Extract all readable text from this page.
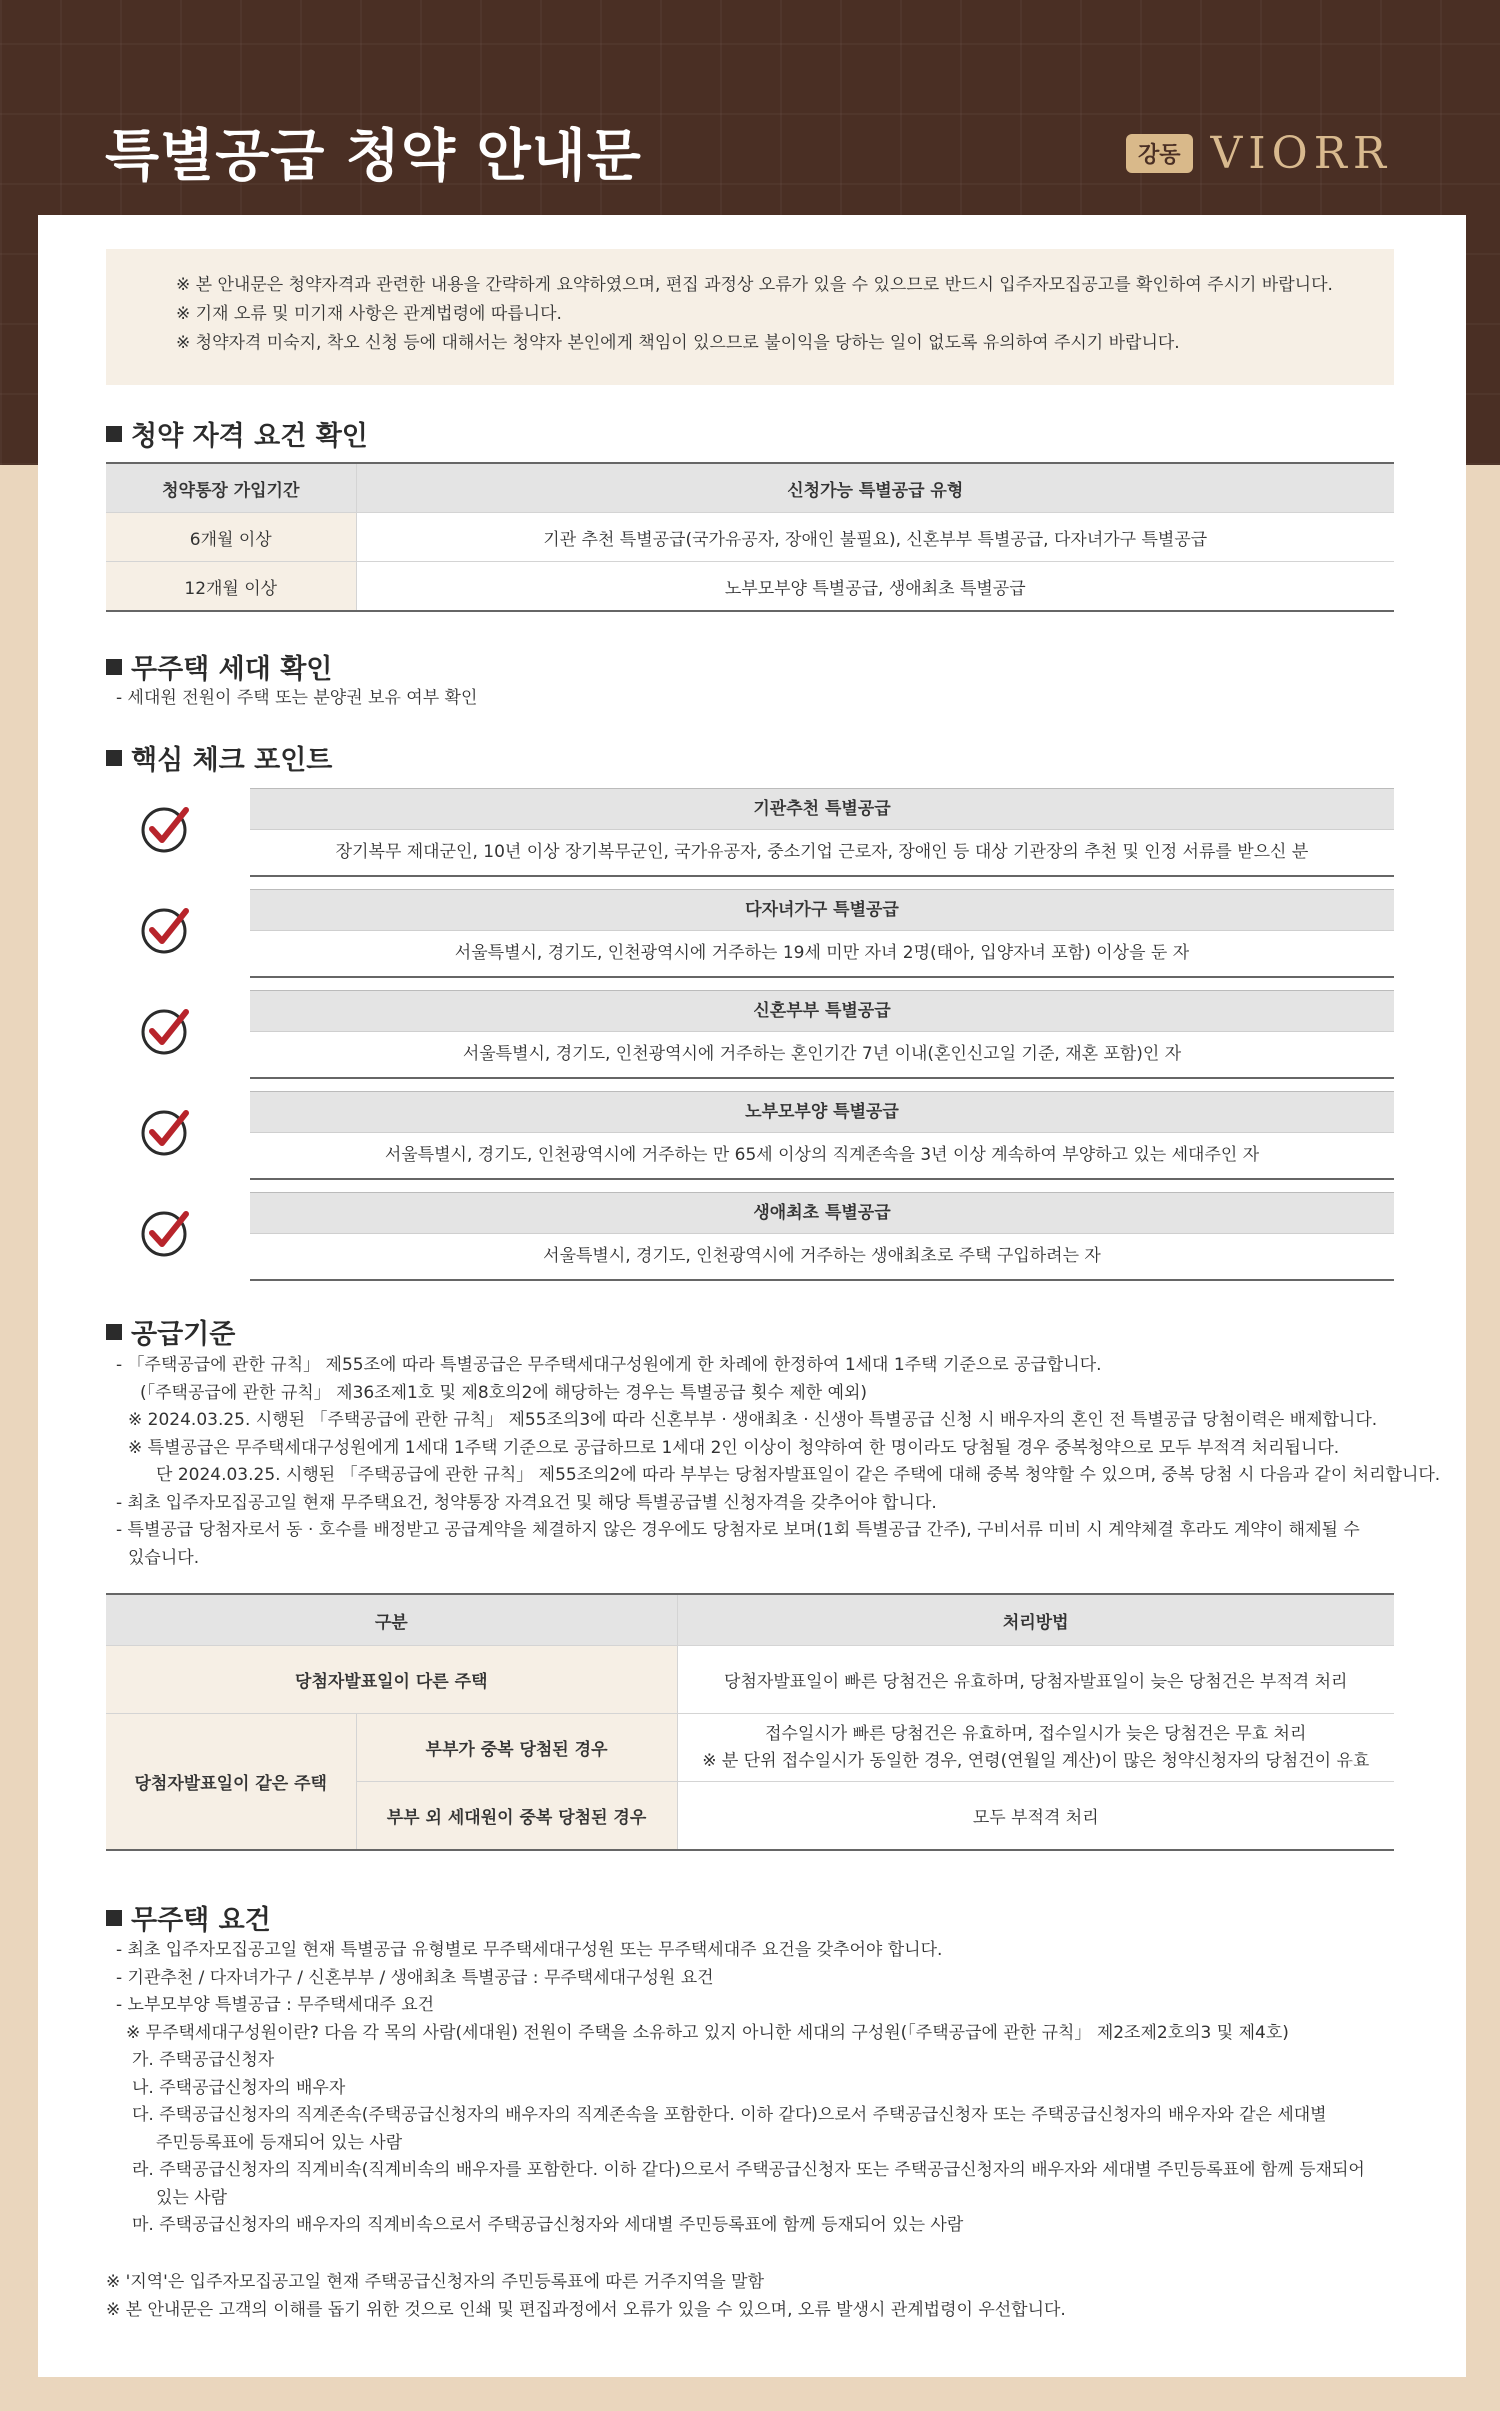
특별공급 청약 안내문	강동 VIORR

※ 본 안내문은 청약자격과 관련한 내용을 간략하게 요약하였으며, 편집 과정상 오류가 있을 수 있으므로 반드시 입주자모집공고를 확인하여 주시기 바랍니다.

※ 기재 오류 및 미기재 사항은 관계법령에 따릅니다.

※ 청약자격 미숙지, 착오 신청 등에 대해서는 청약자 본인에게 책임이 있으므로 불이익을 당하는 일이 없도록 유의하여 주시기 바랍니다.

청약 자격 요건 확인
청약통장 가입기간	신청가능 특별공급 유형
6개월 이상	기관 추천 특별공급(국가유공자, 장애인 불필요), 신혼부부 특별공급, 다자녀가구 특별공급
12개월 이상	노부모부양 특별공급, 생애최초 특별공급
무주택 세대 확인
- 세대원 전원이 주택 또는 분양권 보유 여부 확인
핵심 체크 포인트
기관추천 특별공급
장기복무 제대군인, 10년 이상 장기복무군인, 국가유공자, 중소기업 근로자, 장애인 등 대상 기관장의 추천 및 인정 서류를 받으신 분
다자녀가구 특별공급
서울특별시, 경기도, 인천광역시에 거주하는 19세 미만 자녀 2명(태아, 입양자녀 포함) 이상을 둔 자
신혼부부 특별공급
서울특별시, 경기도, 인천광역시에 거주하는 혼인기간 7년 이내(혼인신고일 기준, 재혼 포함)인 자
노부모부양 특별공급
서울특별시, 경기도, 인천광역시에 거주하는 만 65세 이상의 직계존속을 3년 이상 계속하여 부양하고 있는 세대주인 자
생애최초 특별공급
서울특별시, 경기도, 인천광역시에 거주하는 생애최초로 주택 구입하려는 자
공급기준
- 「주택공급에 관한 규칙」 제55조에 따라 특별공급은 무주택세대구성원에게 한 차례에 한정하여 1세대 1주택 기준으로 공급합니다.
(「주택공급에 관한 규칙」 제36조제1호 및 제8호의2에 해당하는 경우는 특별공급 횟수 제한 예외)
※ 2024.03.25. 시행된 「주택공급에 관한 규칙」 제55조의3에 따라 신혼부부 · 생애최초 · 신생아 특별공급 신청 시 배우자의 혼인 전 특별공급 당첨이력은 배제합니다.
※ 특별공급은 무주택세대구성원에게 1세대 1주택 기준으로 공급하므로 1세대 2인 이상이 청약하여 한 명이라도 당첨될 경우 중복청약으로 모두 부적격 처리됩니다.
단 2024.03.25. 시행된 「주택공급에 관한 규칙」 제55조의2에 따라 부부는 당첨자발표일이 같은 주택에 대해 중복 청약할 수 있으며, 중복 당첨 시 다음과 같이 처리합니다.
- 최초 입주자모집공고일 현재 무주택요건, 청약통장 자격요건 및 해당 특별공급별 신청자격을 갖추어야 합니다.
- 특별공급 당첨자로서 동 · 호수를 배정받고 공급계약을 체결하지 않은 경우에도 당첨자로 보며(1회 특별공급 간주), 구비서류 미비 시 계약체결 후라도 계약이 해제될 수
있습니다.
구분		처리방법
당첨자발표일이 다른 주택		당첨자발표일이 빠른 당첨건은 유효하며, 당첨자발표일이 늦은 당첨건은 부적격 처리
당첨자발표일이 같은 주택	부부가 중복 당첨된 경우	접수일시가 빠른 당첨건은 유효하며, 접수일시가 늦은 당첨건은 무효 처리
※ 분 단위 접수일시가 동일한 경우, 연령(연월일 계산)이 많은 청약신청자의 당첨건이 유효

	부부 외 세대원이 중복 당첨된 경우	모두 부적격 처리
무주택 요건
- 최초 입주자모집공고일 현재 특별공급 유형별로 무주택세대구성원 또는 무주택세대주 요건을 갖추어야 합니다.
- 기관추천 / 다자녀가구 / 신혼부부 / 생애최초 특별공급 : 무주택세대구성원 요건
- 노부모부양 특별공급 : 무주택세대주 요건
※ 무주택세대구성원이란? 다음 각 목의 사람(세대원) 전원이 주택을 소유하고 있지 아니한 세대의 구성원(「주택공급에 관한 규칙」 제2조제2호의3 및 제4호)
가. 주택공급신청자
나. 주택공급신청자의 배우자
다. 주택공급신청자의 직계존속(주택공급신청자의 배우자의 직계존속을 포함한다. 이하 같다)으로서 주택공급신청자 또는 주택공급신청자의 배우자와 같은 세대별
주민등록표에 등재되어 있는 사람
라. 주택공급신청자의 직계비속(직계비속의 배우자를 포함한다. 이하 같다)으로서 주택공급신청자 또는 주택공급신청자의 배우자와 세대별 주민등록표에 함께 등재되어
있는 사람
마. 주택공급신청자의 배우자의 직계비속으로서 주택공급신청자와 세대별 주민등록표에 함께 등재되어 있는 사람
※ '지역'은 입주자모집공고일 현재 주택공급신청자의 주민등록표에 따른 거주지역을 말함
※ 본 안내문은 고객의 이해를 돕기 위한 것으로 인쇄 및 편집과정에서 오류가 있을 수 있으며, 오류 발생시 관계법령이 우선합니다.
